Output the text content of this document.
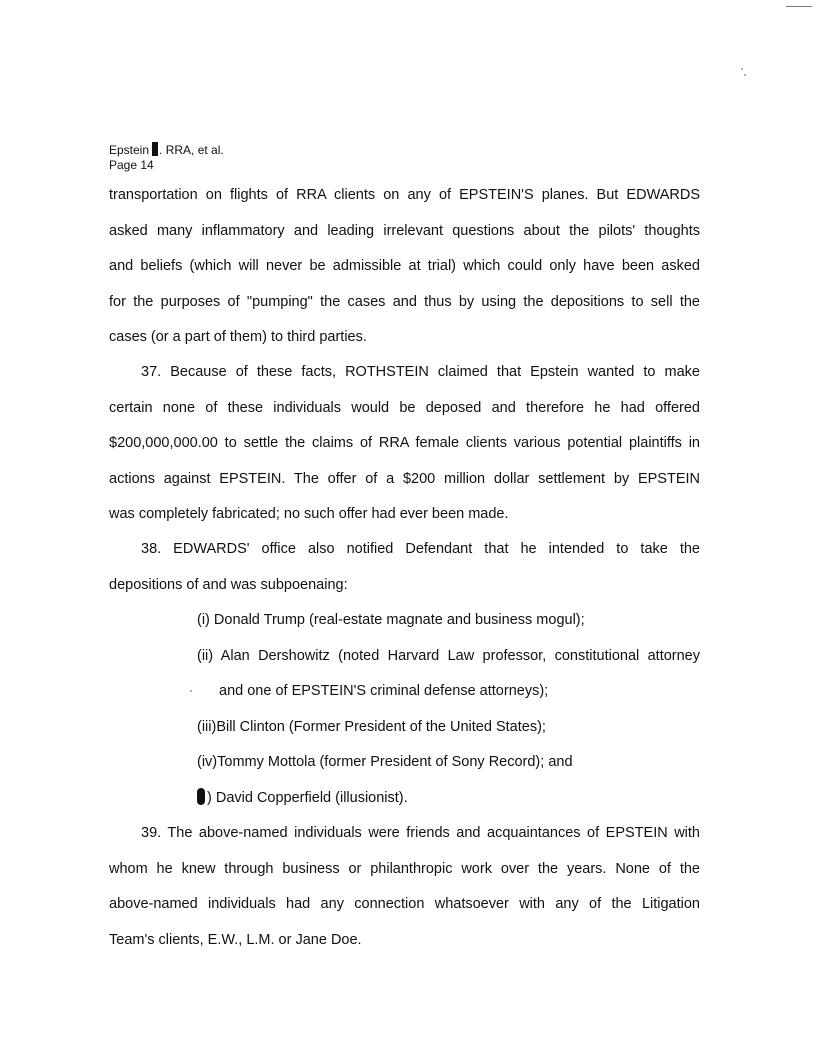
Epstein . RRA, et al.
Page 14
transportation on flights of RRA clients on any of EPSTEIN'S planes. But EDWARDS
asked many inflammatory and leading irrelevant questions about the pilots' thoughts
and beliefs (which will never be admissible at trial) which could only have been asked
for the purposes of "pumping" the cases and thus by using the depositions to sell the
cases (or a part of them) to third parties.
37. Because of these facts, ROTHSTEIN claimed that Epstein wanted to make
certain none of these individuals would be deposed and therefore he had offered
$200,000,000.00 to settle the claims of RRA female clients various potential plaintiffs in
actions against EPSTEIN. The offer of a $200 million dollar settlement by EPSTEIN
was completely fabricated; no such offer had ever been made.
38. EDWARDS' office also notified Defendant that he intended to take the
depositions of and was subpoenaing:
(i) Donald Trump (real-estate magnate and business mogul);
(ii) Alan Dershowitz (noted Harvard Law professor, constitutional attorney
and one of EPSTEIN'S criminal defense attorneys);
(iii)Bill Clinton (Former President of the United States);
(iv)Tommy Mottola (former President of Sony Record); and
) David Copperfield (illusionist).
39. The above-named individuals were friends and acquaintances of EPSTEIN with
whom he knew through business or philanthropic work over the years. None of the
above-named individuals had any connection whatsoever with any of the Litigation
Team's clients, E.W., L.M. or Jane Doe.
